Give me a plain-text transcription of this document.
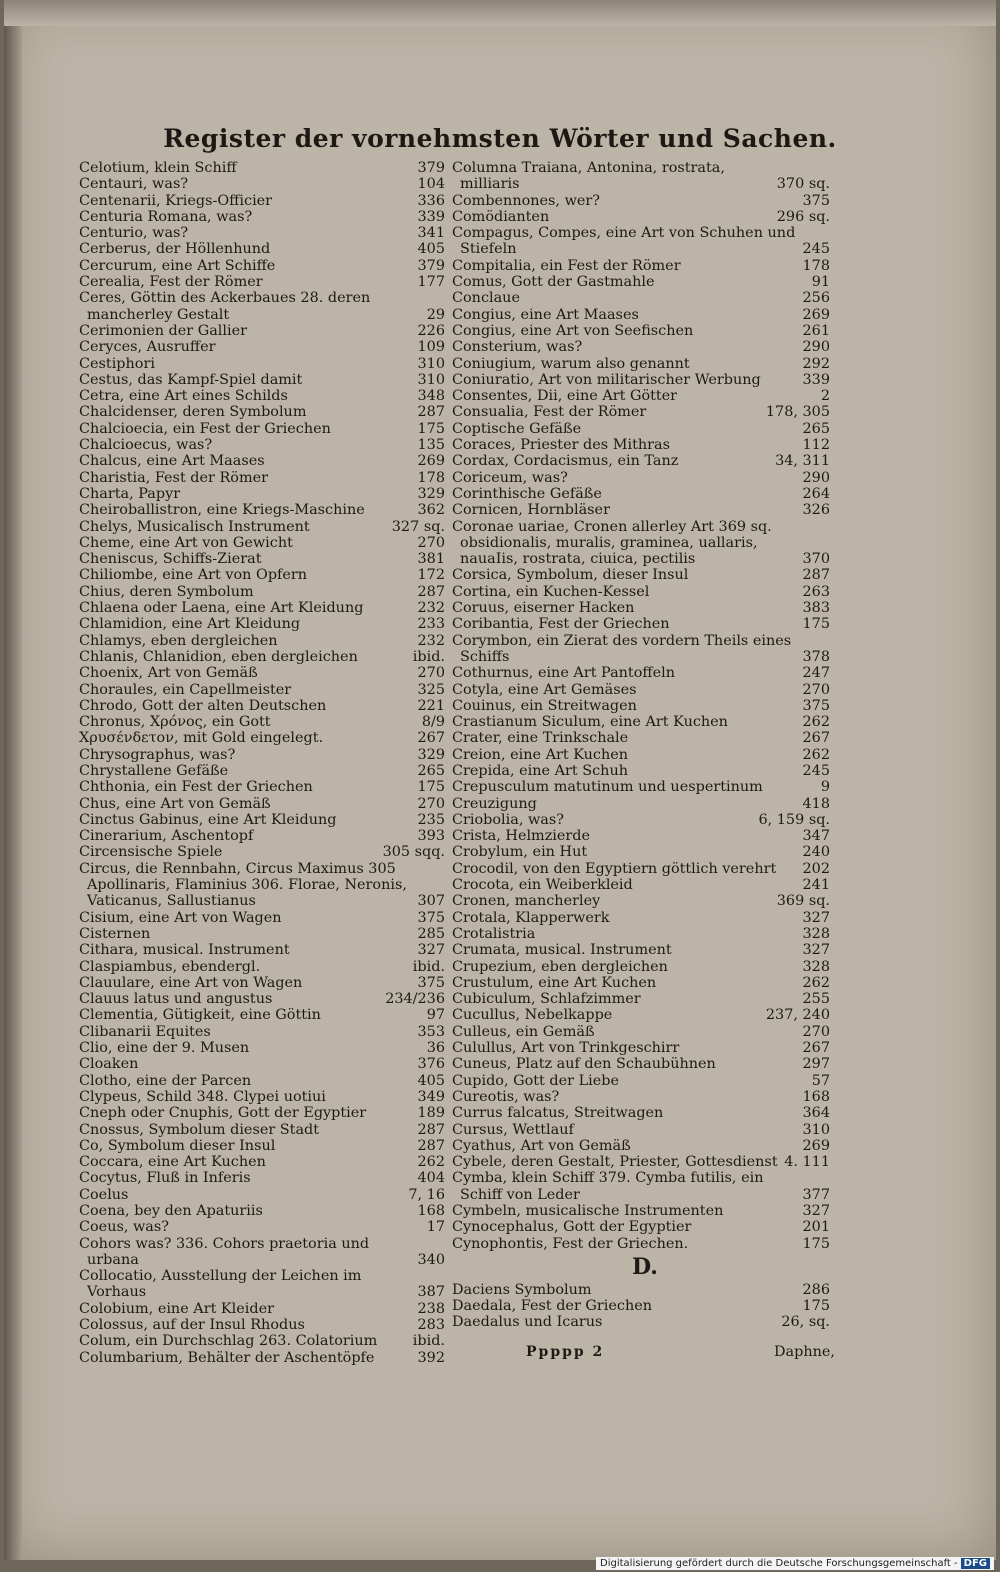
Register der vornehmsten Wörter und Sachen.
Celotium, klein Schiff	379
Centauri, was?	104
Centenarii, Kriegs-Officier	336
Centuria Romana, was?	339
Centurio, was?	341
Cerberus, der Höllenhund	405
Cercurum, eine Art Schiffe	379
Cerealia, Fest der Römer	177
Ceres, Göttin des Ackerbaues 28. deren mancherley Gestalt	29
Cerimonien der Gallier	226
Ceryces, Ausruffer	109
Cestiphori	310
Cestus, das Kampf-Spiel damit	310
Cetra, eine Art eines Schilds	348
Chalcidenser, deren Symbolum	287
Chalcioecia, ein Fest der Griechen	175
Chalcioecus, was?	135
Chalcus, eine Art Maases	269
Charistia, Fest der Römer	178
Charta, Papyr	329
Cheiroballistron, eine Kriegs-Maschine	362
Chelys, Musicalisch Instrument	327 sq.
Cheme, eine Art von Gewicht	270
Cheniscus, Schiffs-Zierat	381
Chiliombe, eine Art von Opfern	172
Chius, deren Symbolum	287
Chlaena oder Laena, eine Art Kleidung	232
Chlamidion, eine Art Kleidung	233
Chlamys, eben dergleichen	232
Chlanis, Chlanidion, eben dergleichen	ibid.
Choenix, Art von Gemäß	270
Choraules, ein Capellmeister	325
Chrodo, Gott der alten Deutschen	221
Chronus, Χρόνος, ein Gott	8/9
Χρυσένδετον, mit Gold eingelegt.	267
Chrysographus, was?	329
Chrystallene Gefäße	265
Chthonia, ein Fest der Griechen	175
Chus, eine Art von Gemäß	270
Cinctus Gabinus, eine Art Kleidung	235
Cinerarium, Aschentopf	393
Circensische Spiele	305 sqq.
Circus, die Rennbahn, Circus Maximus 305 Apollinaris, Flaminius 306. Florae, Neronis, Vaticanus, Sallustianus	307
Cisium, eine Art von Wagen	375
Cisternen	285
Cithara, musical. Instrument	327
Claspiambus, ebendergl.	ibid.
Clauulare, eine Art von Wagen	375
Clauus latus und angustus	234/236
Clementia, Gütigkeit, eine Göttin	97
Clibanarii Equites	353
Clio, eine der 9. Musen	36
Cloaken	376
Clotho, eine der Parcen	405
Clypeus, Schild 348. Clypei uotiui	349
Cneph oder Cnuphis, Gott der Egyptier	189
Cnossus, Symbolum dieser Stadt	287
Co, Symbolum dieser Insul	287
Coccara, eine Art Kuchen	262
Cocytus, Fluß in Inferis	404
Coelus	7, 16
Coena, bey den Apaturiis	168
Coeus, was?	17
Cohors was? 336. Cohors praetoria und urbana	340
Collocatio, Ausstellung der Leichen im Vorhaus	387
Colobium, eine Art Kleider	238
Colossus, auf der Insul Rhodus	283
Colum, ein Durchschlag 263. Colatorium ibid.
Columbarium, Behälter der Aschentöpfe	392
Columna Traiana, Antonina, rostrata, milliaris	370 sq.
Combennones, wer?	375
Comödianten	296 sq.
Compagus, Compes, eine Art von Schuhen und Stiefeln	245
Compitalia, ein Fest der Römer	178
Comus, Gott der Gastmahle	91
Conclaue	256
Congius, eine Art Maases	269
Congius, eine Art von Seefischen	261
Consterium, was?	290
Coniugium, warum also genannt	292
Coniuratio, Art von militarischer Werbung	339
Consentes, Dii, eine Art Götter	2
Consualia, Fest der Römer	178, 305
Coptische Gefäße	265
Coraces, Priester des Mithras	112
Cordax, Cordacismus, ein Tanz	34, 311
Coriceum, was?	290
Corinthische Gefäße	264
Cornicen, Hornbläser	326
Coronae uariae, Cronen allerley Art 369 sq. obsidionalis, muralis, graminea, uallaris, nauaIis, rostrata, ciuica, pectilis	370
Corsica, Symbolum, dieser Insul	287
Cortina, ein Kuchen-Kessel	263
Coruus, eiserner Hacken	383
Coribantia, Fest der Griechen	175
Corymbon, ein Zierat des vordern Theils eines Schiffs	378
Cothurnus, eine Art Pantoffeln	247
Cotyla, eine Art Gemäses	270
Couinus, ein Streitwagen	375
Crastianum Siculum, eine Art Kuchen	262
Crater, eine Trinkschale	267
Creion, eine Art Kuchen	262
Crepida, eine Art Schuh	245
Crepusculum matutinum und uespertinum	9
Creuzigung	418
Criobolia, was?	6, 159 sq.
Crista, Helmzierde	347
Crobylum, ein Hut	240
Crocodil, von den Egyptiern göttlich verehrt 202
Crocota, ein Weiberkleid	241
Cronen, mancherley	369 sq.
Crotala, Klapperwerk	327
Crotalistria	328
Crumata, musical. Instrument	327
Crupezium, eben dergleichen	328
Crustulum, eine Art Kuchen	262
Cubiculum, Schlafzimmer	255
Cucullus, Nebelkappe	237, 240
Culleus, ein Gemäß	270
Culullus, Art von Trinkgeschirr	267
Cuneus, Platz auf den Schaubühnen	297
Cupido, Gott der Liebe	57
Cureotis, was?	168
Currus falcatus, Streitwagen	364
Cursus, Wettlauf	310
Cyathus, Art von Gemäß	269
Cybele, deren Gestalt, Priester, Gottesdienst 4. 111
Cymba, klein Schiff 379. Cymba futilis, ein Schiff von Leder	377
Cymbeln, musicalische Instrumenten	327
Cynocephalus, Gott der Egyptier	201
Cynophontis, Fest der Griechen.	175
D.
Daciens Symbolum	286
Daedala, Fest der Griechen	175
Daedalus und Icarus	26, sq.
Ppppp 2	Daphne,
Digitalisierung gefördert durch die Deutsche Forschungsgemeinschaft - DFG
